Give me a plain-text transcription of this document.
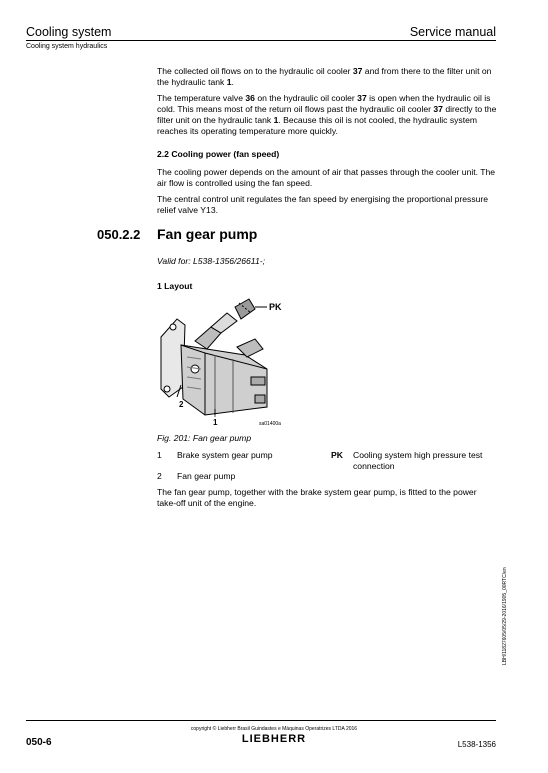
Cooling system	Service manual
Cooling system hydraulics
The collected oil flows on to the hydraulic oil cooler 37 and from there to the filter unit on the hydraulic tank 1.
The temperature valve 36 on the hydraulic oil cooler 37 is open when the hydraulic oil is cold. This means most of the return oil flows past the hydraulic oil cooler 37 directly to the filter unit on the hydraulic tank 1. Because this oil is not cooled, the hydraulic system reaches its operating temperature more quickly.
2.2 Cooling power (fan speed)
The cooling power depends on the amount of air that passes through the cooler unit. The air flow is controlled using the fan speed.
The central control unit regulates the fan speed by energising the proportional pressure relief valve Y13.
050.2.2 Fan gear pump
Valid for: L538-1356/26611-;
1 Layout
PK
2
1	sa01400a
Fig. 201: Fan gear pump
1 Brake system gear pump
2 Fan gear pump
PK Cooling system high pressure test connection
The fan gear pump, together with the brake system gear pump, is fitted to the power take-off unit of the engine.
LBH/11827605/05/29-2016/1905_00RTC/en
copyright © Liebherr Brasil Guindastes e Máquinas Operatrizes LTDA 2016
050-6	LIEBHERR	L538-1356
